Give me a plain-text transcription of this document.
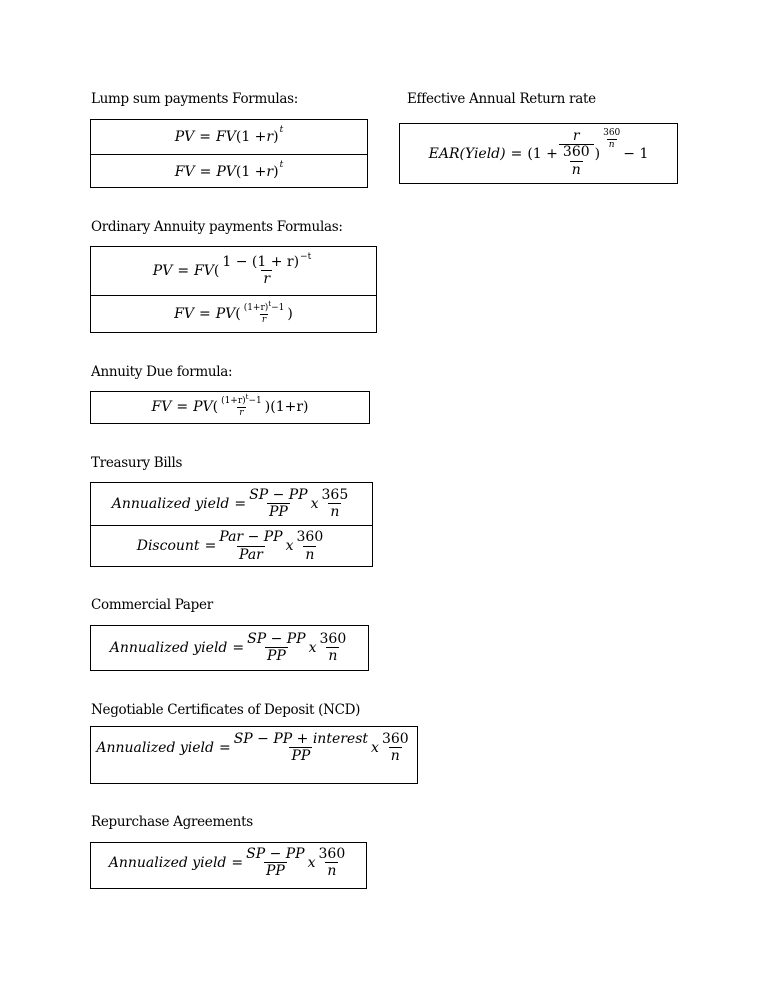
Lump sum payments Formulas:
PV = FV (1 + r ) t
FV = PV (1 + r ) t
Effective Annual Return rate
EAR(Yield) = ($1 + \frac{r}{\frac{360}{n}}$ )
$\frac{360}{n}$
− 1
Ordinary Annuity payments Formulas:
PV = FV ( $\frac{1 - (1 + r)^{-t}}{r}$
FV = PV ( $\frac{(1+r)^t-1}{r}$ )
Annuity Due formula:
FV = PV ( $\frac{(1+r)^t-1}{r}$ ) (1+r)
Treasury Bills
Annualized yield = $\frac{SP - PP}{PP}$ x $\frac{365}{n}$
Discount = $\frac{\text{Par − PP}}{\text{Par}}$ x $\frac{360}{n}$
Commercial Paper
Annualized yield = $\frac{SP - PP}{PP}$ x $\frac{360}{n}$
Negotiable Certificates of Deposit (NCD)
Annualized yield = $\frac{\text{SP − PP + interest}}{PP}$ x $\frac{360}{n}$
Repurchase Agreements
Annualized yield = $\frac{SP - PP}{PP}$ x $\frac{360}{n}$
